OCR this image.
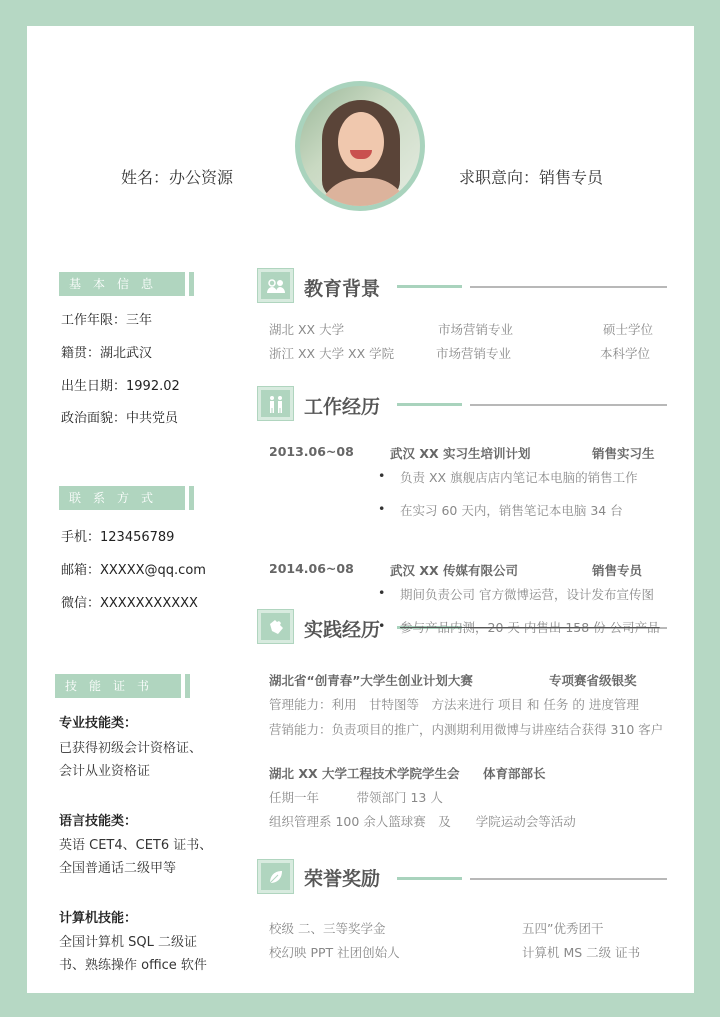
姓名：办公资源	求职意向：销售专员
基本信息
工作年限：三年
籍贯：湖北武汉
出生日期：1992.02
政治面貌：中共党员
联系方式
手机：123456789
邮箱：XXXXX@qq.com
微信：XXXXXXXXXXX
技能证书
专业技能类：
已获得初级会计资格证、
会计从业资格证
语言技能类：
英语 CET4、CET6 证书、
全国普通话二级甲等
计算机技能：
全国计算机 SQL 二级证
书、熟练操作 office 软件
教育背景
湖北 XX 大学	市场营销专业	硕士学位
浙江 XX 大学 XX 学院	市场营销专业	本科学位
工作经历
2013.06~08	武汉 XX 实习生培训计划	销售实习生
• 负责 XX 旗舰店店内笔记本电脑的销售工作
• 在实习 60 天内，销售笔记本电脑 34 台
2014.06~08	武汉 XX 传媒有限公司	销售专员
• 期间负责公司 官方微博运营，设计发布宣传图
实践经历 • 参与产品内测，20 天 内售出 158 份 公司产品
湖北省“创青春”大学生创业计划大赛	专项赛省级银奖
管理能力：利用　甘特图等　方法来进行 项目 和 任务 的 进度管理
营销能力：负责项目的推广，内测期利用微博与讲座结合获得 310 客户
湖北 XX 大学工程技术学院学生会 体育部部长
任期一年　　　带领部门 13 人
组织管理系 100 余人篮球赛　及　　学院运动会等活动
荣誉奖励
校级 二、三等奖学金	五四”优秀团干
校幻映 PPT 社团创始人	计算机 MS 二级 证书
